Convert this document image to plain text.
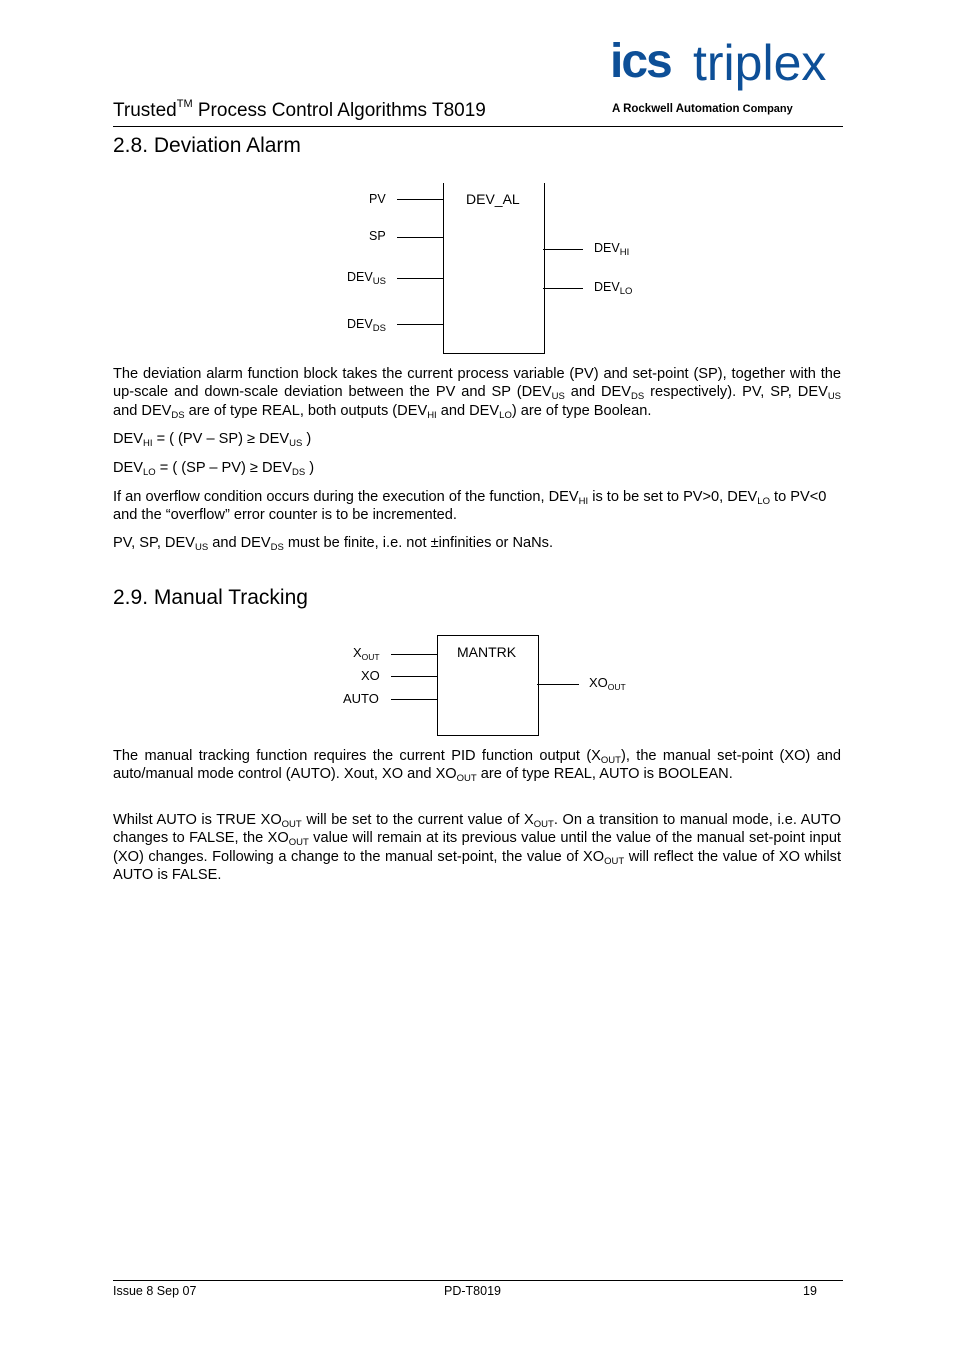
ics triplex
A Rockwell Automation Company
Trusted™ Process Control Algorithms T8019
2.8. Deviation Alarm
DEV_AL
PV
SP
$DEV_{US}$
$DEV_{DS}$
$DEV_{HI}$
$DEV_{LO}$
The deviation alarm function block takes the current process variable (PV) and set-point (SP), together with the up-scale and down-scale deviation between the PV and SP ($DEV_{US}$ and $DEV_{DS}$ respectively). PV, SP, $DEV_{US}$ and $DEV_{DS}$ are of type REAL, both outputs ($DEV_{HI}$ and $DEV_{LO}$) are of type Boolean.
$DEV_{HI}$ = ( $(PV - SP) \ge DEV_{US}$ )
$DEV_{LO}$ = ( $(SP - PV) \ge DEV_{DS}$ )
If an overflow condition occurs during the execution of the function, $DEV_{HI}$ is to be set to PV>0, $DEV_{LO}$ to PV<0 and the “overflow” error counter is to be incremented.
PV, SP, $DEV_{US}$ and $DEV_{DS}$ must be finite, i.e. not ±infinities or NaNs.
2.9. Manual Tracking
MANTRK
$X_{OUT}$
XO
AUTO
$XO_{OUT}$
The manual tracking function requires the current PID function output $(X_{OUT})$, the manual set-point (XO) and auto/manual mode control (AUTO). Xout, XO and $XO_{OUT}$ are of type REAL, AUTO is BOOLEAN.
Whilst AUTO is TRUE $XO_{OUT}$ will be set to the current value of $X_{OUT}$. On a transition to manual mode, i.e. AUTO changes to FALSE, the $XO_{OUT}$ value will remain at its previous value until the value of the manual set-point input (XO) changes. Following a change to the manual set-point, the value of $XO_{OUT}$ will reflect the value of XO whilst AUTO is FALSE.
Issue 8 Sep 07	PD-T8019	19
